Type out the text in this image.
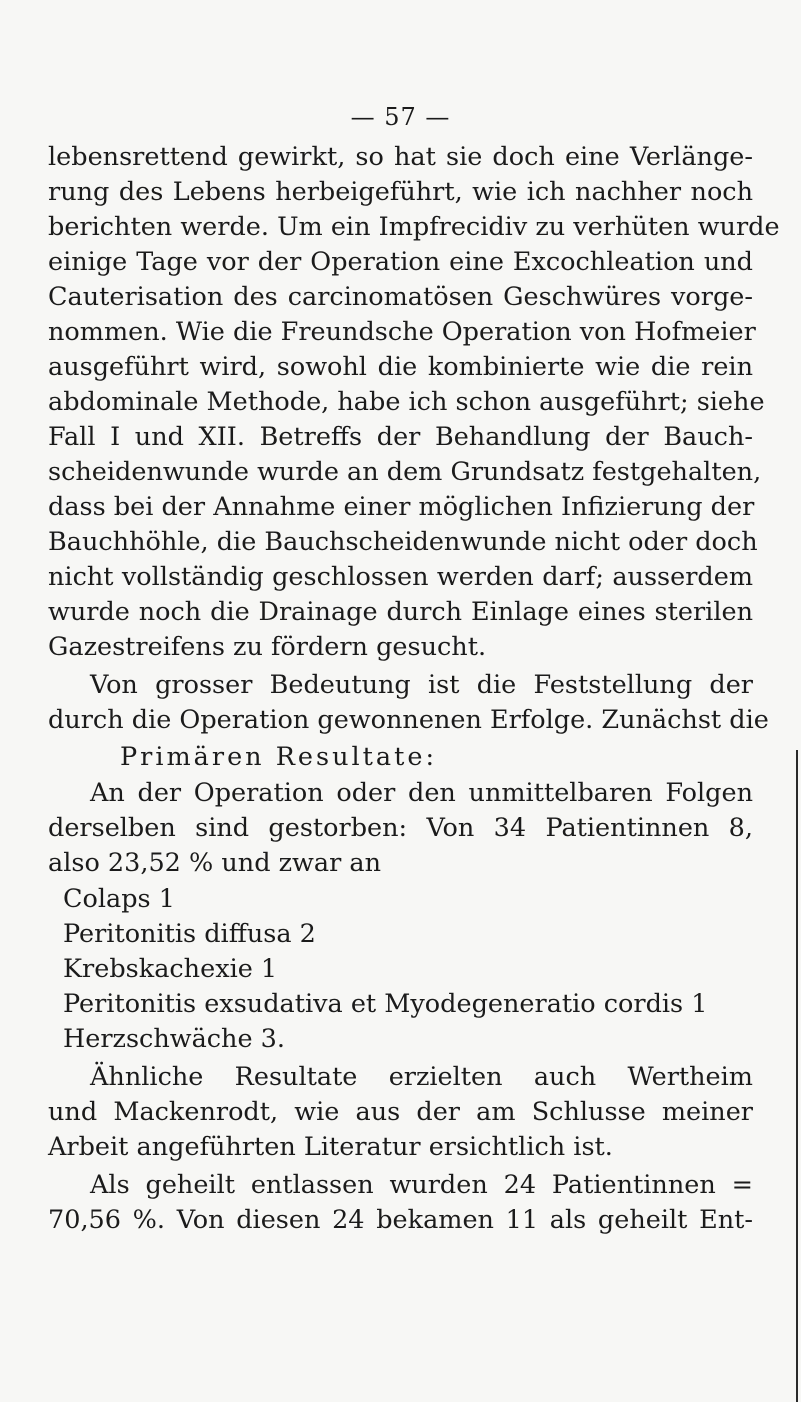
— 57 —
lebensrettend gewirkt, so hat sie doch eine Verlänge-
rung des Lebens herbeigeführt, wie ich nachher noch
berichten werde. Um ein Impfrecidiv zu verhüten wurde
einige Tage vor der Operation eine Excochleation und
Cauterisation des carcinomatösen Geschwüres vorge-
nommen. Wie die Freundsche Operation von Hofmeier
ausgeführt wird, sowohl die kombinierte wie die rein
abdominale Methode, habe ich schon ausgeführt; siehe
Fall I und XII. Betreffs der Behandlung der Bauch-
scheidenwunde wurde an dem Grundsatz festgehalten,
dass bei der Annahme einer möglichen Infizierung der
Bauchhöhle, die Bauchscheidenwunde nicht oder doch
nicht vollständig geschlossen werden darf; ausserdem
wurde noch die Drainage durch Einlage eines sterilen
Gazestreifens zu fördern gesucht.
Von grosser Bedeutung ist die Feststellung der
durch die Operation gewonnenen Erfolge. Zunächst die
Primären Resultate:
An der Operation oder den unmittelbaren Folgen
derselben sind gestorben: Von 34 Patientinnen 8,
also 23,52 % und zwar an
Colaps 1
Peritonitis diffusa 2
Krebskachexie 1
Peritonitis exsudativa et Myodegeneratio cordis 1
Herzschwäche 3.
Ähnliche Resultate erzielten auch Wertheim
und Mackenrodt, wie aus der am Schlusse meiner
Arbeit angeführten Literatur ersichtlich ist.
Als geheilt entlassen wurden 24 Patientinnen =
70,56 %. Von diesen 24 bekamen 11 als geheilt Ent-
